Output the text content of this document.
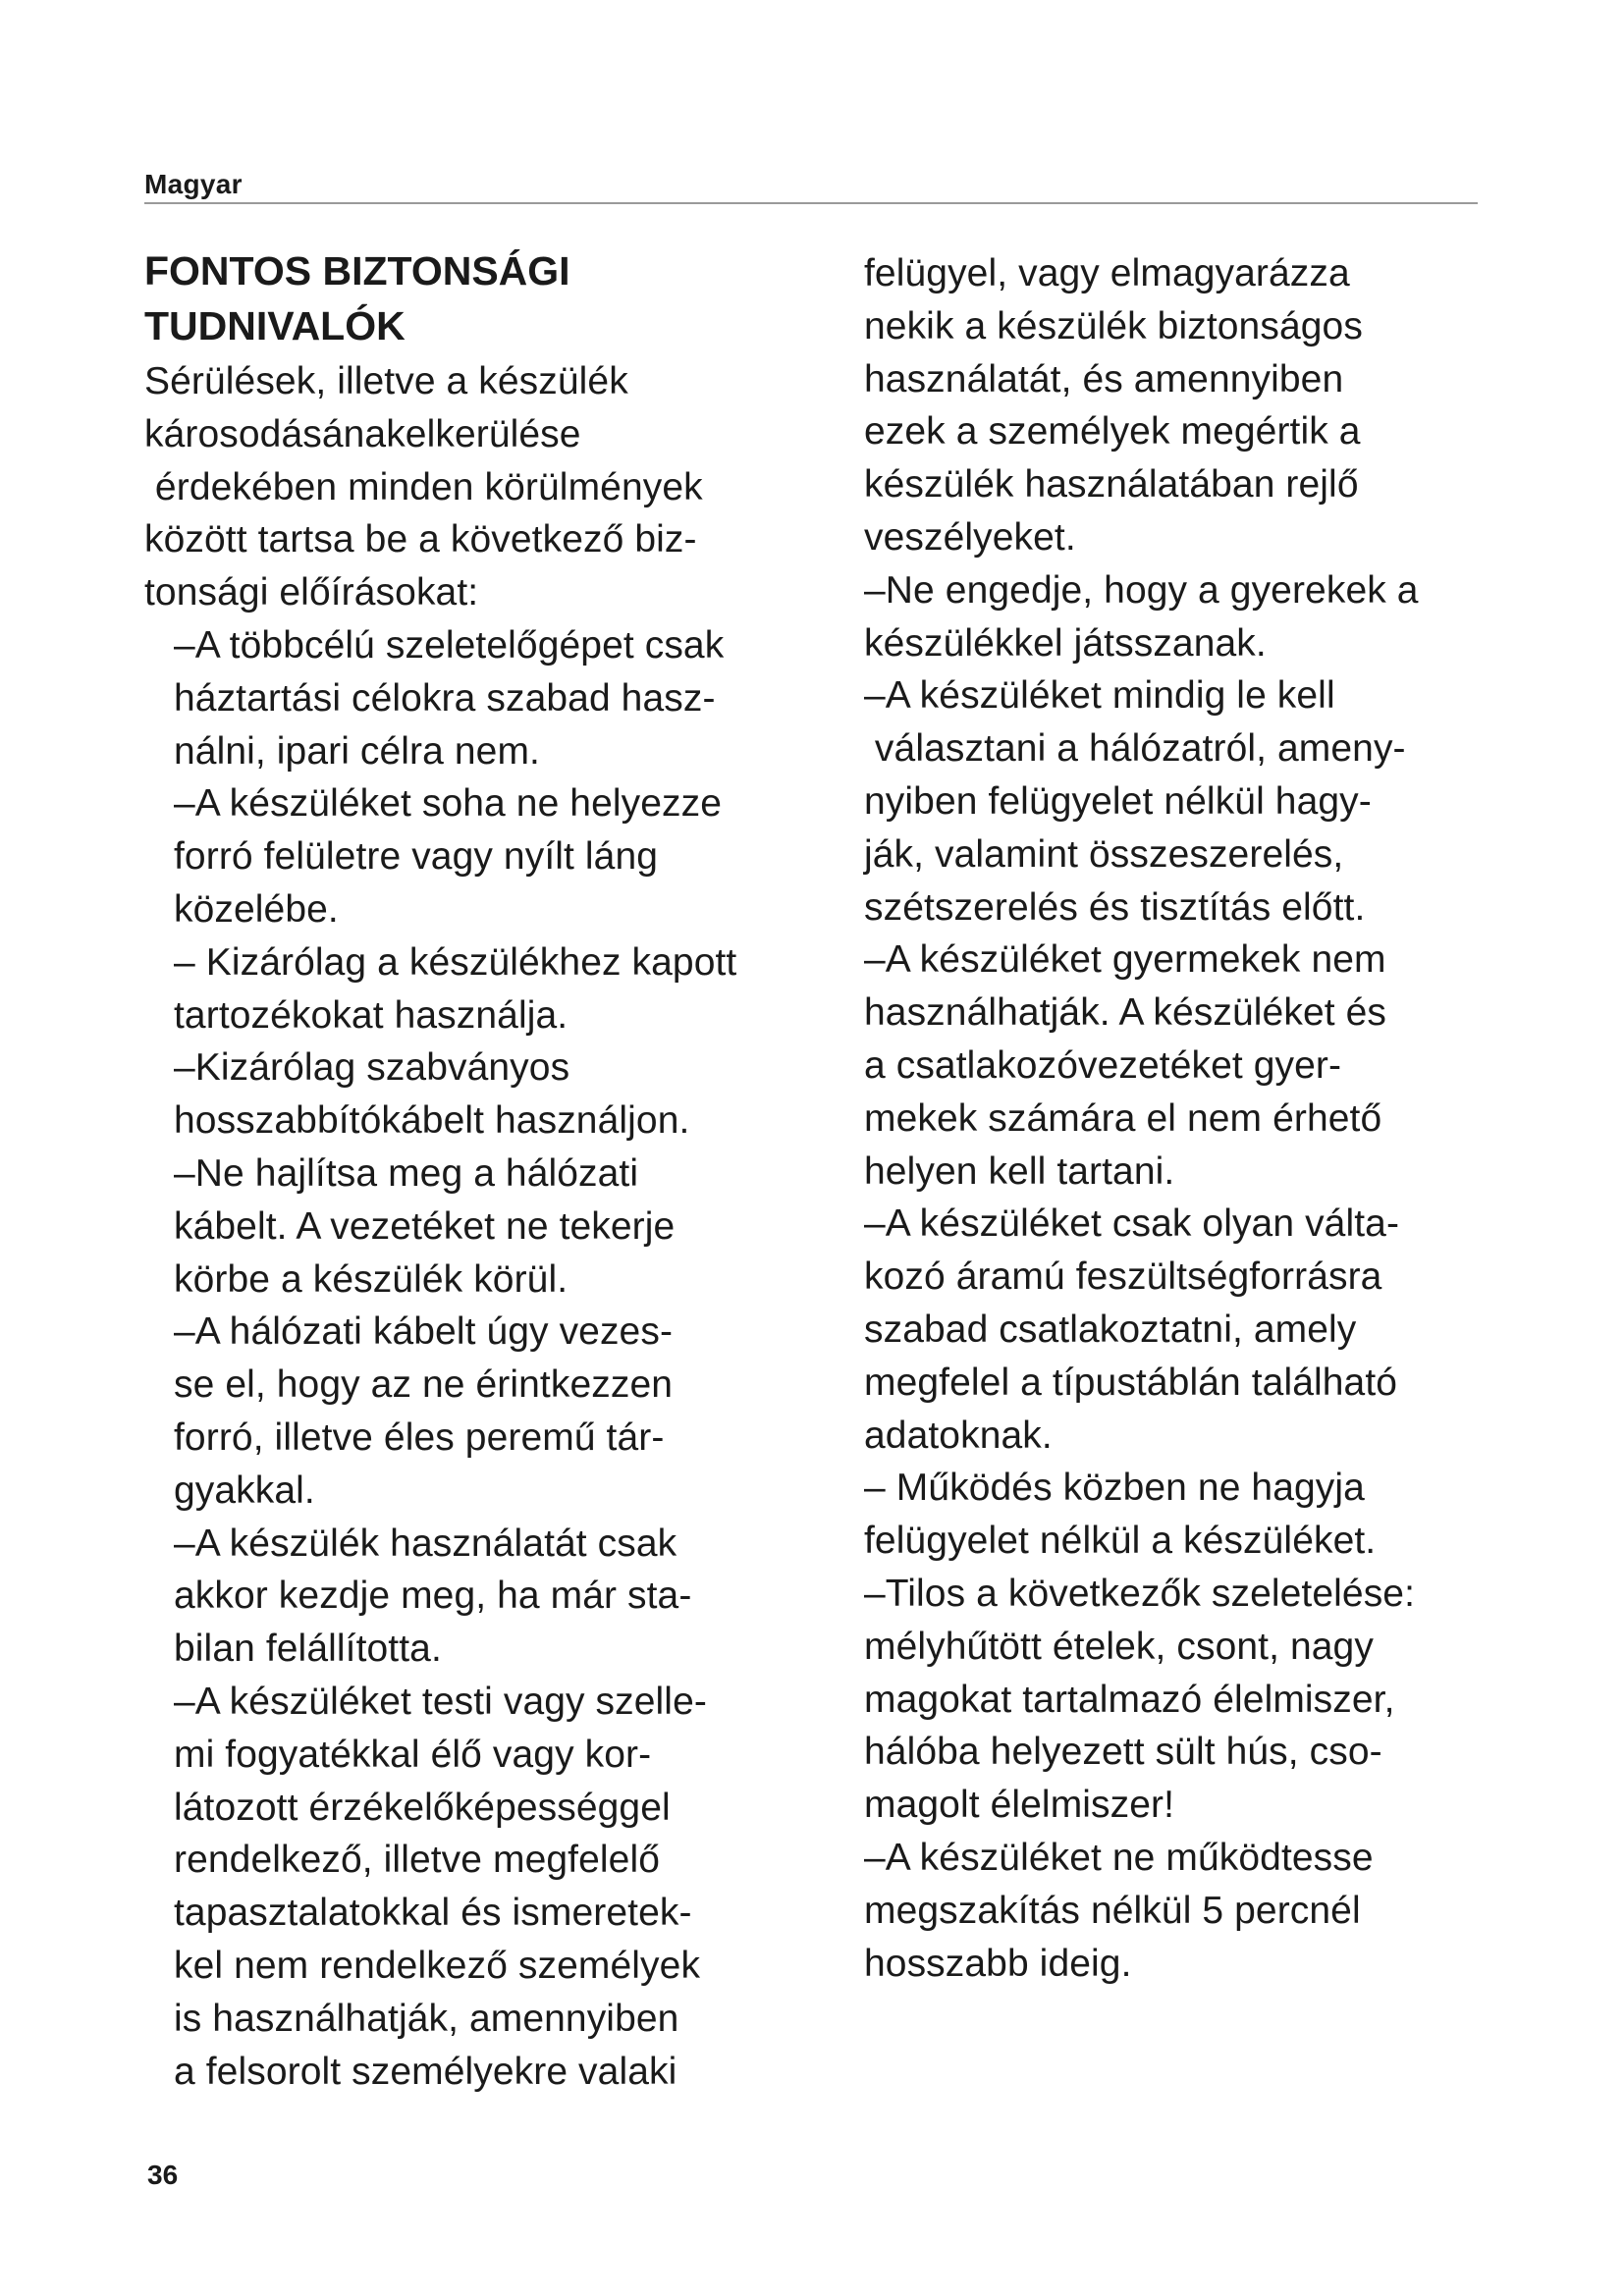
Magyar
FONTOS BIZTONSÁGI
TUDNIVALÓK
Sérülések, illetve a készülék
károsodásánakelkerülése
érdekében minden körülmények
között tartsa be a következő biz-
tonsági előírásokat:
–A többcélú szeletelőgépet csak
háztartási célokra szabad hasz-
nálni, ipari célra nem.
–A készüléket soha ne helyezze
forró felületre vagy nyílt láng
közelébe.
– Kizárólag a készülékhez kapott
tartozékokat használja.
–Kizárólag szabványos
hosszabbítókábelt használjon.
–Ne hajlítsa meg a hálózati
kábelt. A vezetéket ne tekerje
körbe a készülék körül.
–A hálózati kábelt úgy vezes-
se el, hogy az ne érintkezzen
forró, illetve éles peremű tár-
gyakkal.
–A készülék használatát csak
akkor kezdje meg, ha már sta-
bilan felállította.
–A készüléket testi vagy szelle-
mi fogyatékkal élő vagy kor-
látozott érzékelőképességgel
rendelkező, illetve megfelelő
tapasztalatokkal és ismeretek-
kel nem rendelkező személyek
is használhatják, amennyiben
a felsorolt személyekre valaki
felügyel, vagy elmagyarázza
nekik a készülék biztonságos
használatát, és amennyiben
ezek a személyek megértik a
készülék használatában rejlő
veszélyeket.
–Ne engedje, hogy a gyerekek a
készülékkel játsszanak.
–A készüléket mindig le kell
választani a hálózatról, ameny-
nyiben felügyelet nélkül hagy-
ják, valamint összeszerelés,
szétszerelés és tisztítás előtt.
–A készüléket gyermekek nem
használhatják. A készüléket és
a csatlakozóvezetéket gyer-
mekek számára el nem érhető
helyen kell tartani.
–A készüléket csak olyan válta-
kozó áramú feszültségforrásra
szabad csatlakoztatni, amely
megfelel a típustáblán található
adatoknak.
– Működés közben ne hagyja
felügyelet nélkül a készüléket.
–Tilos a következők szeletelése:
mélyhűtött ételek, csont, nagy
magokat tartalmazó élelmiszer,
hálóba helyezett sült hús, cso-
magolt élelmiszer!
–A készüléket ne működtesse
megszakítás nélkül 5 percnél
hosszabb ideig.
36
